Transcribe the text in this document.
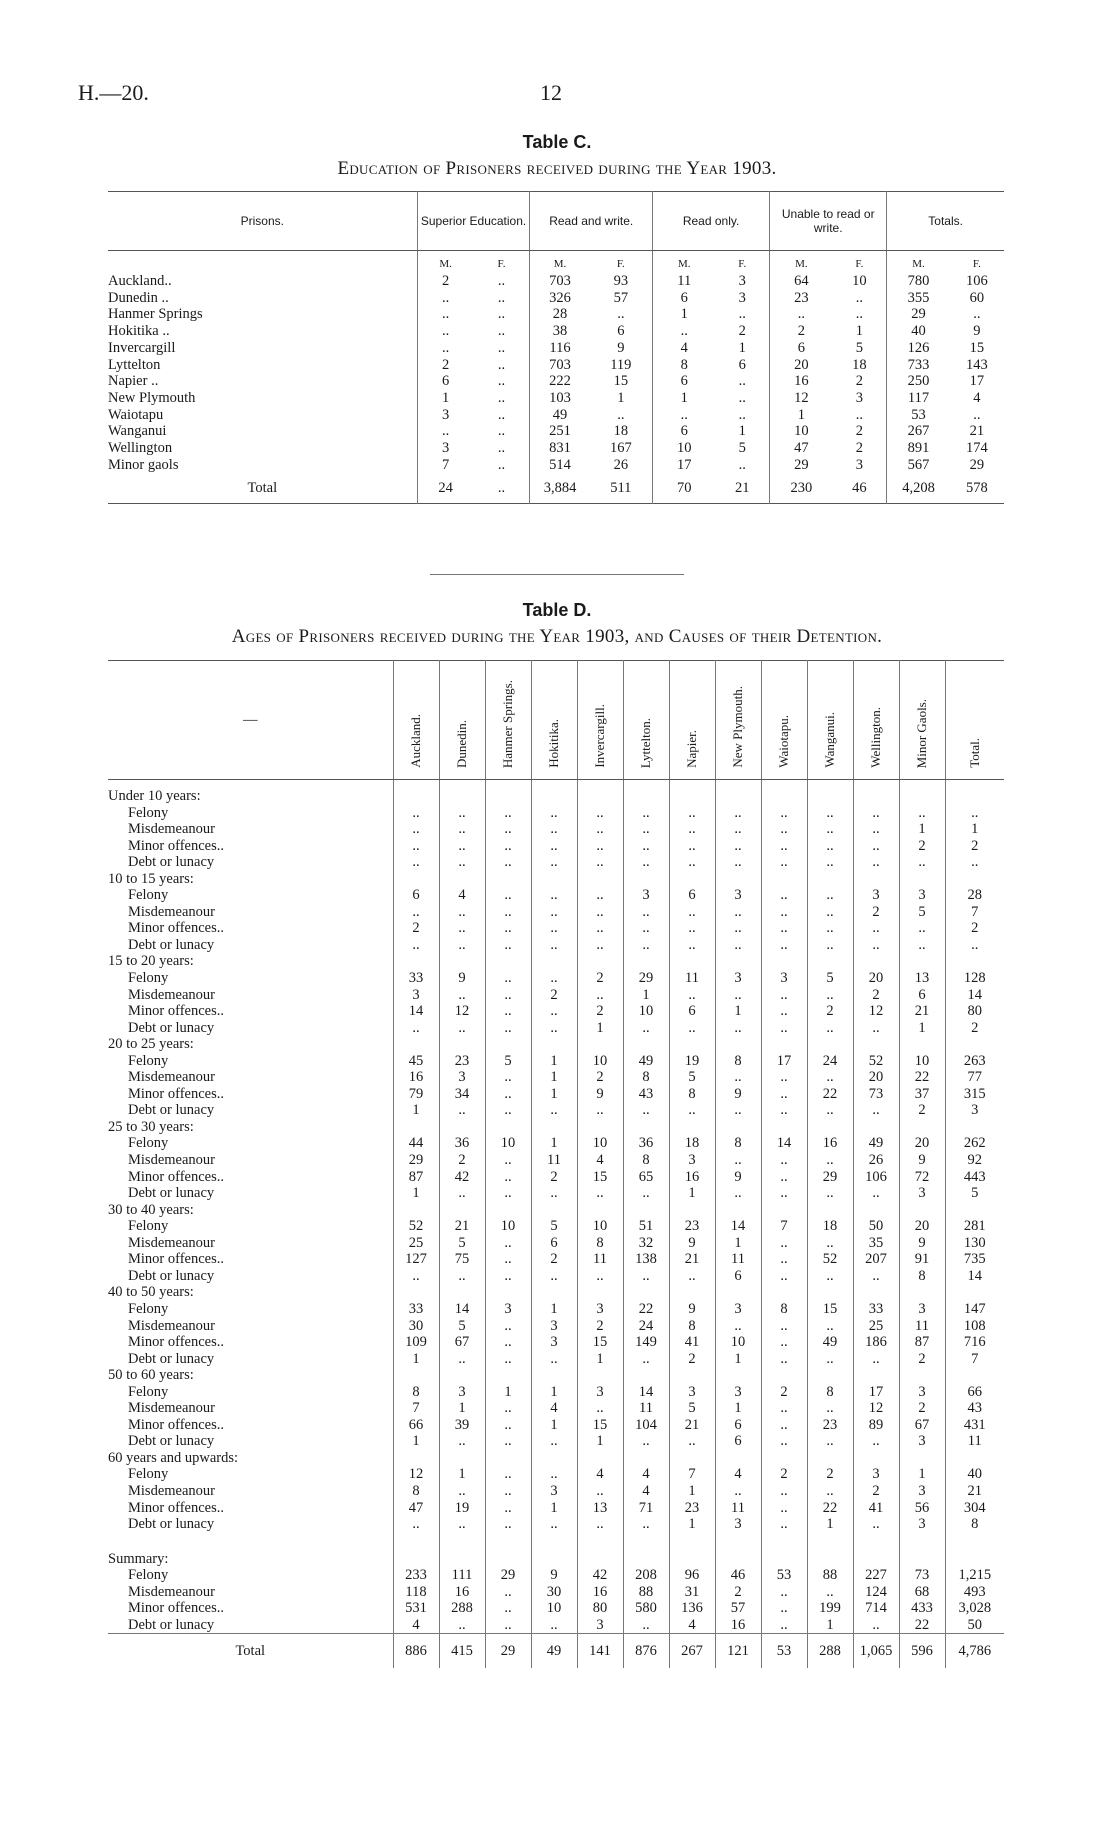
H.—20.	12
Table C.
Education of Prisoners received during the Year 1903.
Prisons.	Superior Education.		Read and write.		Read only.		Unable to read or write.		Totals.	
	M.	F.	M.	F.	M.	F.	M.	F.	M.	F.
Auckland..	2	..	703	93	11	3	64	10	780	106
Dunedin ..	..	..	326	57	6	3	23	..	355	60
Hanmer Springs	..	..	28	..	1	..	..	..	29	..
Hokitika ..	..	..	38	6	..	2	2	1	40	9
Invercargill	..	..	116	9	4	1	6	5	126	15
Lyttelton	2	..	703	119	8	6	20	18	733	143
Napier ..	6	..	222	15	6	..	16	2	250	17
New Plymouth	1	..	103	1	1	..	12	3	117	4
Waiotapu	3	..	49	..	..	..	1	..	53	..
Wanganui	..	..	251	18	6	1	10	2	267	21
Wellington	3	..	831	167	10	5	47	2	891	174
Minor gaols	7	..	514	26	17	..	29	3	567	29
Total	24	..	3,884	511	70	21	230	46	4,208	578
Table D.
Ages of Prisoners received during the Year 1903, and Causes of their Detention.
—	Auckland.	Dunedin.	Hanmer Springs.	Hokitika.	Invercargill.	Lyttelton.	Napier.	New Plymouth.	Waiotapu.	Wanganui.	Wellington.	Minor Gaols.	Total.

Under 10 years:													
Felony	..	..	..	..	..	..	..	..	..	..	..	..	..
Misdemeanour	..	..	..	..	..	..	..	..	..	..	..	1	1
Minor offences..	..	..	..	..	..	..	..	..	..	..	..	2	2
Debt or lunacy	..	..	..	..	..	..	..	..	..	..	..	..	..
10 to 15 years:													
Felony	6	4	..	..	..	3	6	3	..	..	3	3	28
Misdemeanour	..	..	..	..	..	..	..	..	..	..	2	5	7
Minor offences..	2	..	..	..	..	..	..	..	..	..	..	..	2
Debt or lunacy	..	..	..	..	..	..	..	..	..	..	..	..	..
15 to 20 years:													
Felony	33	9	..	..	2	29	11	3	3	5	20	13	128
Misdemeanour	3	..	..	2	..	1	..	..	..	..	2	6	14
Minor offences..	14	12	..	..	2	10	6	1	..	2	12	21	80
Debt or lunacy	..	..	..	..	1	..	..	..	..	..	..	1	2
20 to 25 years:													
Felony	45	23	5	1	10	49	19	8	17	24	52	10	263
Misdemeanour	16	3	..	1	2	8	5	..	..	..	20	22	77
Minor offences..	79	34	..	1	9	43	8	9	..	22	73	37	315
Debt or lunacy	1	..	..	..	..	..	..	..	..	..	..	2	3
25 to 30 years:													
Felony	44	36	10	1	10	36	18	8	14	16	49	20	262
Misdemeanour	29	2	..	11	4	8	3	..	..	..	26	9	92
Minor offences..	87	42	..	2	15	65	16	9	..	29	106	72	443
Debt or lunacy	1	..	..	..	..	..	1	..	..	..	..	3	5
30 to 40 years:													
Felony	52	21	10	5	10	51	23	14	7	18	50	20	281
Misdemeanour	25	5	..	6	8	32	9	1	..	..	35	9	130
Minor offences..	127	75	..	2	11	138	21	11	..	52	207	91	735
Debt or lunacy	..	..	..	..	..	..	..	6	..	..	..	8	14
40 to 50 years:													
Felony	33	14	3	1	3	22	9	3	8	15	33	3	147
Misdemeanour	30	5	..	3	2	24	8	..	..	..	25	11	108
Minor offences..	109	67	..	3	15	149	41	10	..	49	186	87	716
Debt or lunacy	1	..	..	..	1	..	2	1	..	..	..	2	7
50 to 60 years:													
Felony	8	3	1	1	3	14	3	3	2	8	17	3	66
Misdemeanour	7	1	..	4	..	11	5	1	..	..	12	2	43
Minor offences..	66	39	..	1	15	104	21	6	..	23	89	67	431
Debt or lunacy	1	..	..	..	1	..	..	6	..	..	..	3	11
60 years and upwards:													
Felony	12	1	..	..	4	4	7	4	2	2	3	1	40
Misdemeanour	8	..	..	3	..	4	1	..	..	..	2	3	21
Minor offences..	47	19	..	1	13	71	23	11	..	22	41	56	304
Debt or lunacy	..	..	..	..	..	..	1	3	..	1	..	3	8

Summary:													
Felony	233	111	29	9	42	208	96	46	53	88	227	73	1,215
Misdemeanour	118	16	..	30	16	88	31	2	..	..	124	68	493
Minor offences..	531	288	..	10	80	580	136	57	..	199	714	433	3,028
Debt or lunacy	4	..	..	..	3	..	4	16	..	1	..	22	50
Total	886	415	29	49	141	876	267	121	53	288	1,065	596	4,786
